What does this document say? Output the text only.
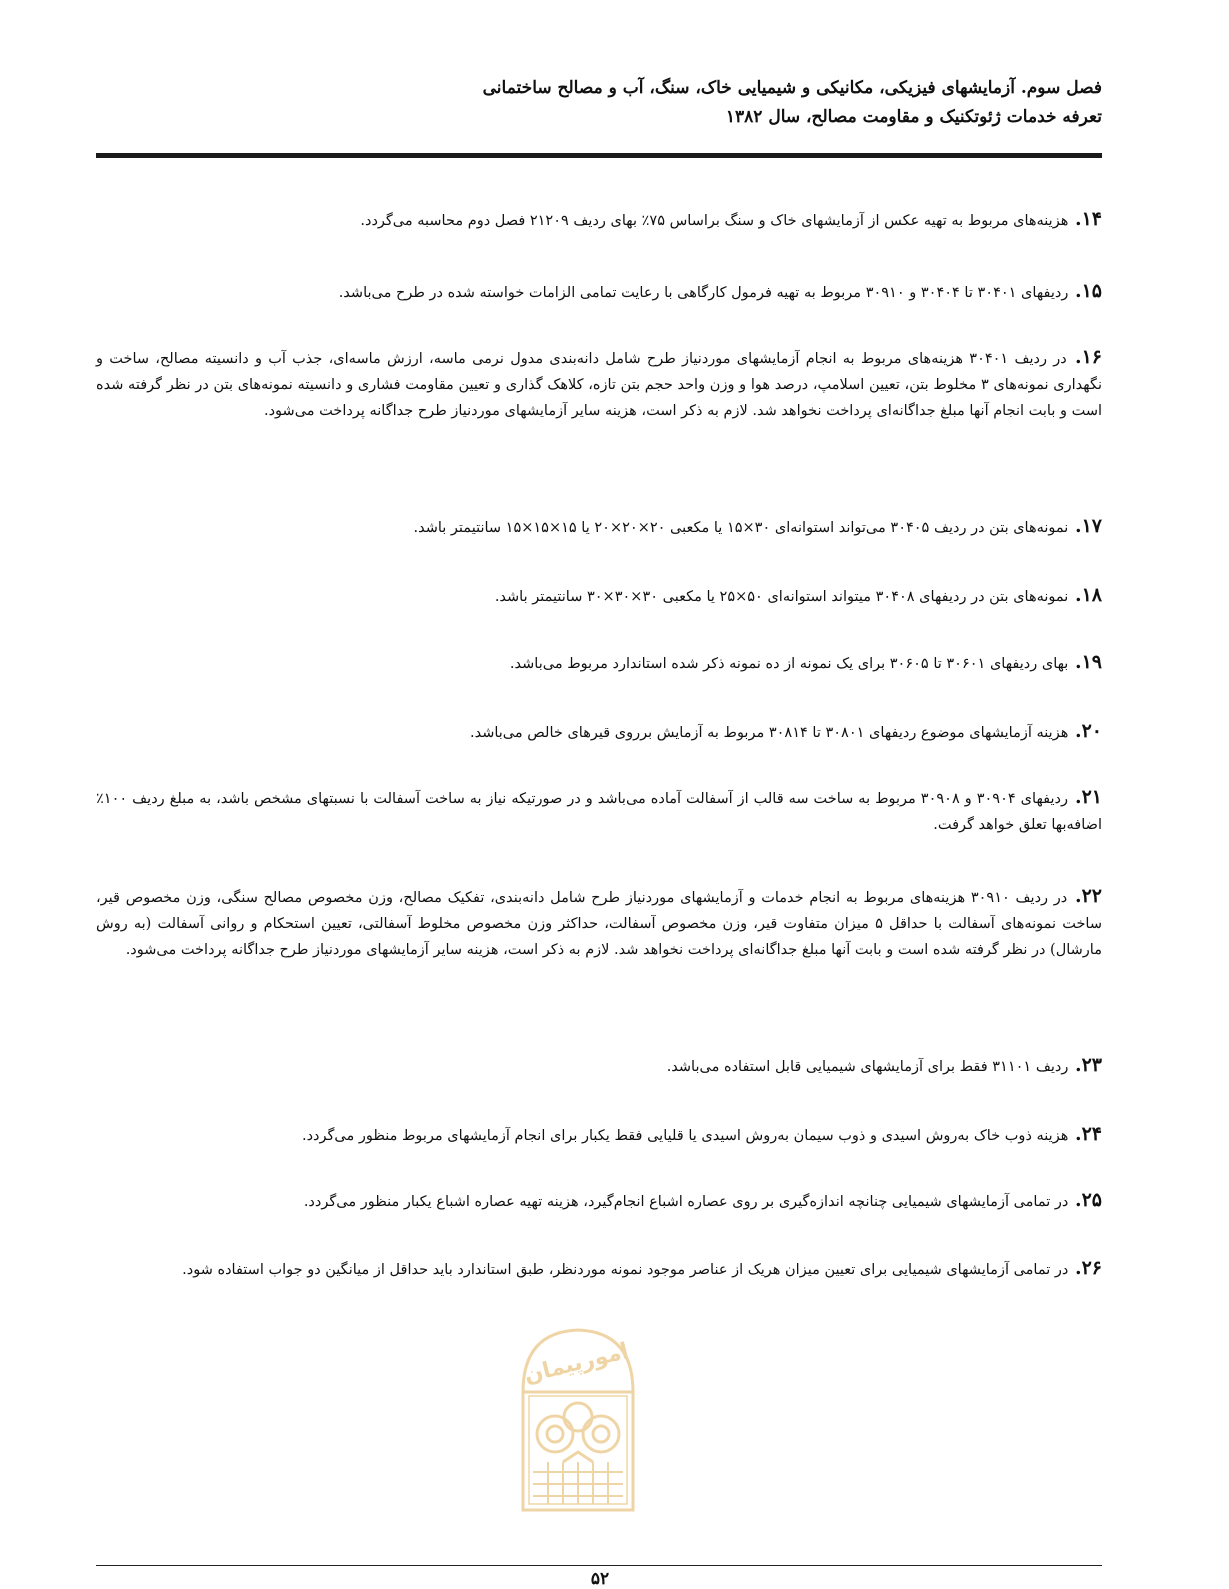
فصل سوم. آزمایشهای فیزیکی، مکانیکی و شیمیایی خاک، سنگ، آب و مصالح ساختمانی
تعرفه خدمات ژئوتکنیک و مقاومت مصالح، سال ۱۳۸۲

۱۴. هزینه‌های مربوط به تهیه عکس از آزمایشهای خاک و سنگ براساس ۷۵٪ بهای ردیف ۲۱۲۰۹ فصل دوم محاسبه می‌گردد.

۱۵. ردیفهای ۳۰۴۰۱ تا ۳۰۴۰۴ و ۳۰۹۱۰ مربوط به تهیه فرمول کارگاهی با رعایت تمامی الزامات خواسته شده در طرح می‌باشد.

۱۶. در ردیف ۳۰۴۰۱ هزینه‌های مربوط به انجام آزمایشهای موردنیاز طرح شامل دانه‌بندی مدول نرمی ماسه، ارزش ماسه‌ای، جذب آب و دانسیته مصالح، ساخت و نگهداری نمونه‌های ۳ مخلوط بتن، تعیین اسلامپ، درصد هوا و وزن واحد حجم بتن تازه، کلاهک گذاری و تعیین مقاومت فشاری و دانسیته نمونه‌های بتن در نظر گرفته شده است و بابت انجام آنها مبلغ جداگانه‌ای پرداخت نخواهد شد. لازم به ذکر است، هزینه سایر آزمایشهای موردنیاز طرح جداگانه پرداخت می‌شود.

۱۷. نمونه‌های بتن در ردیف ۳۰۴۰۵ می‌تواند استوانه‌ای ۳۰×۱۵ یا مکعبی ۲۰×۲۰×۲۰ یا ۱۵×۱۵×۱۵ سانتیمتر باشد.

۱۸. نمونه‌های بتن در ردیفهای ۳۰۴۰۸ میتواند استوانه‌ای ۵۰×۲۵ یا مکعبی ۳۰×۳۰×۳۰ سانتیمتر باشد.

۱۹. بهای ردیفهای ۳۰۶۰۱ تا ۳۰۶۰۵ برای یک نمونه از ده نمونه ذکر شده استاندارد مربوط می‌باشد.

۲۰. هزینه آزمایشهای موضوع ردیفهای ۳۰۸۰۱ تا ۳۰۸۱۴ مربوط به آزمایش برروی قیرهای خالص می‌باشد.

۲۱. ردیفهای ۳۰۹۰۴ و ۳۰۹۰۸ مربوط به ساخت سه قالب از آسفالت آماده می‌باشد و در صورتیکه نیاز به ساخت آسفالت با نسبتهای مشخص باشد، به مبلغ ردیف ۱۰۰٪ اضافه‌بها تعلق خواهد گرفت.

۲۲. در ردیف ۳۰۹۱۰ هزینه‌های مربوط به انجام خدمات و آزمایشهای موردنیاز طرح شامل دانه‌بندی، تفکیک مصالح، وزن مخصوص مصالح سنگی، وزن مخصوص قیر، ساخت نمونه‌های آسفالت با حداقل ۵ میزان متفاوت قیر، وزن مخصوص آسفالت، حداکثر وزن مخصوص مخلوط آسفالتی، تعیین استحکام و روانی آسفالت (به روش مارشال) در نظر گرفته شده است و بابت آنها مبلغ جداگانه‌ای پرداخت نخواهد شد. لازم به ذکر است، هزینه سایر آزمایشهای موردنیاز طرح جداگانه پرداخت می‌شود.

۲۳. ردیف ۳۱۱۰۱ فقط برای آزمایشهای شیمیایی قابل استفاده می‌باشد.

۲۴. هزینه ذوب خاک به‌روش اسیدی و ذوب سیمان به‌روش اسیدی یا قلیایی فقط یکبار برای انجام آزمایشهای مربوط منظور می‌گردد.

۲۵. در تمامی آزمایشهای شیمیایی چنانچه اندازه‌گیری بر روی عصاره اشباع انجام‌گیرد، هزینه تهیه عصاره اشباع یکبار منظور می‌گردد.

۲۶. در تمامی آزمایشهای شیمیایی برای تعیین میزان هریک از عناصر موجود نمونه موردنظر، طبق استاندارد باید حداقل از میانگین دو جواب استفاده شود.

امورپیمان
۵۲
